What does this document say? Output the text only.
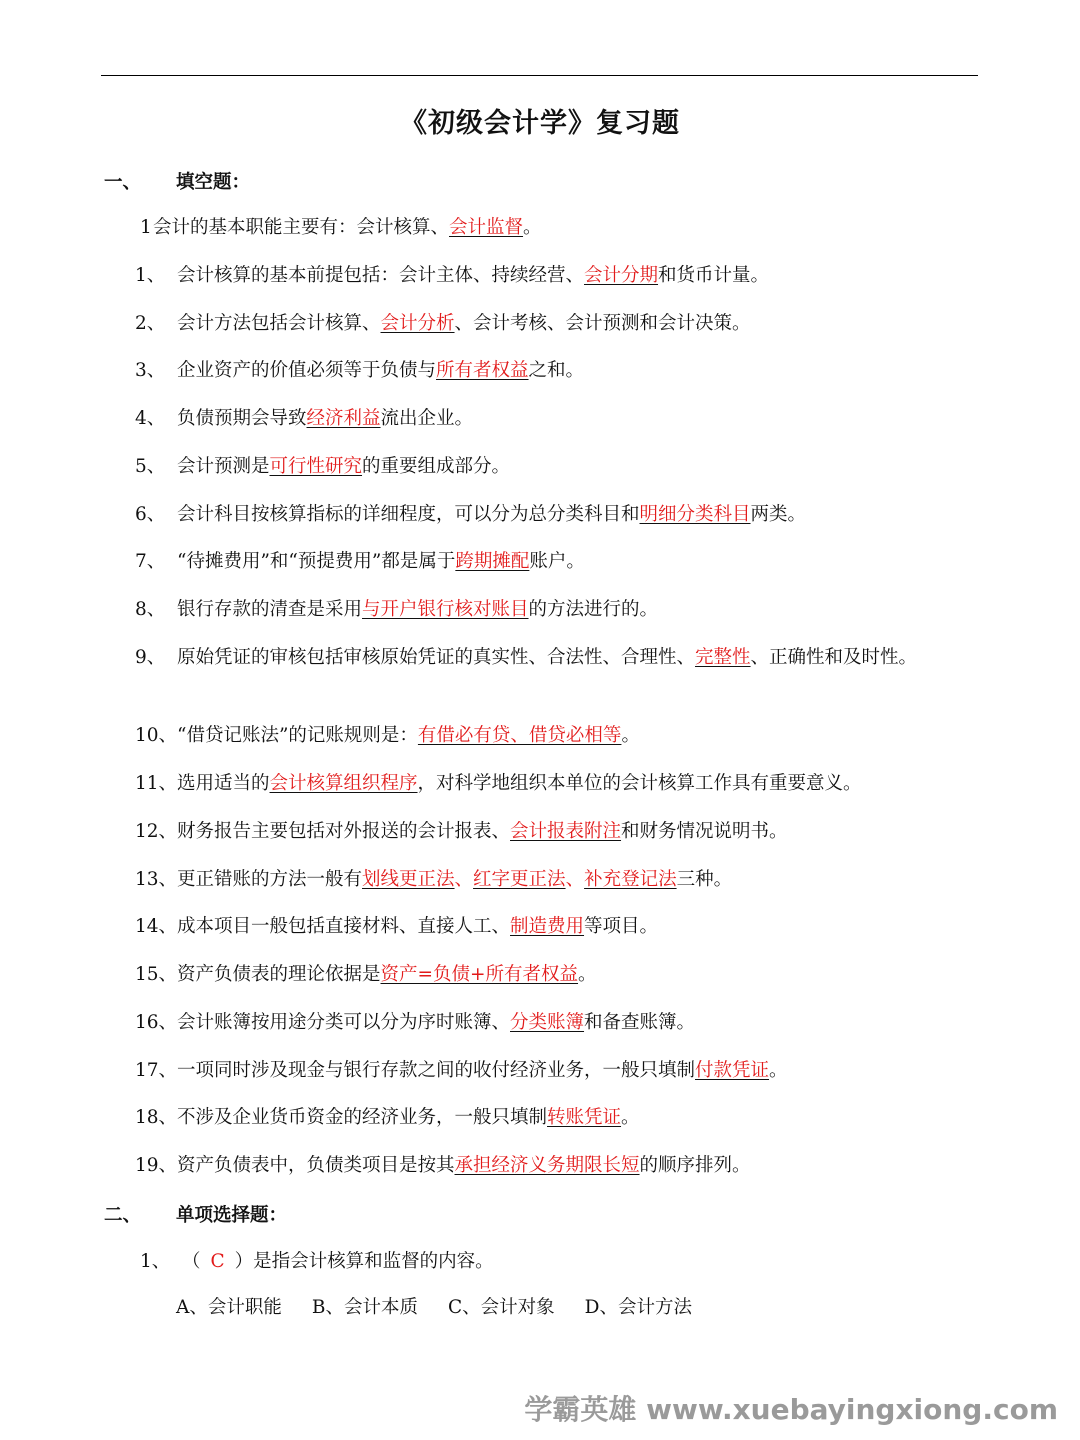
《初级会计学》复习题
一、 填空题：
1会计的基本职能主要有：会计核算、会计监督。
1、 会计核算的基本前提包括：会计主体、持续经营、会计分期和货币计量。
2、 会计方法包括会计核算、会计分析、会计考核、会计预测和会计决策。
3、 企业资产的价值必须等于负债与所有者权益之和。
4、 负债预期会导致经济利益流出企业。
5、 会计预测是可行性研究的重要组成部分。
6、 会计科目按核算指标的详细程度，可以分为总分类科目和明细分类科目两类。
7、 “待摊费用”和“预提费用”都是属于跨期摊配账户。
8、 银行存款的清查是采用与开户银行核对账目的方法进行的。
9、 原始凭证的审核包括审核原始凭证的真实性、合法性、合理性、完整性、正确性和及时性。
10、“借贷记账法”的记账规则是：有借必有贷、借贷必相等。
11、选用适当的会计核算组织程序，对科学地组织本单位的会计核算工作具有重要意义。
12、财务报告主要包括对外报送的会计报表、会计报表附注和财务情况说明书。
13、更正错账的方法一般有划线更正法、红字更正法、补充登记法三种。
14、成本项目一般包括直接材料、直接人工、制造费用等项目。
15、资产负债表的理论依据是资产=负债+所有者权益。
16、会计账簿按用途分类可以分为序时账簿、分类账簿和备查账簿。
17、一项同时涉及现金与银行存款之间的收付经济业务，一般只填制付款凭证。
18、不涉及企业货币资金的经济业务，一般只填制转账凭证。
19、资产负债表中，负债类项目是按其承担经济义务期限长短的顺序排列。
二、 单项选择题：
1、 （ C ）是指会计核算和监督的内容。
A、会计职能 B、会计本质 C、会计对象 D、会计方法
学霸英雄 www.xuebayingxiong.com
